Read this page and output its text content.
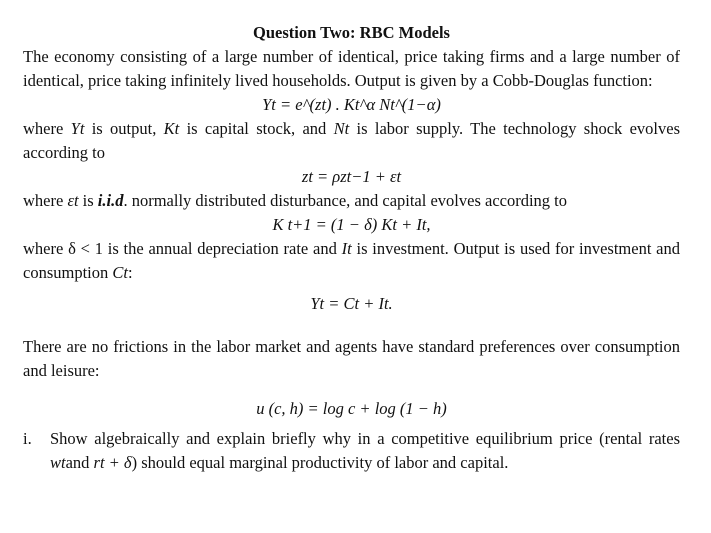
Question Two: RBC Models
The economy consisting of a large number of identical, price taking firms and a large number of identical, price taking infinitely lived households. Output is given by a Cobb-Douglas function:
Yt = e^(zt) . Kt^α Nt^(1−α)
where Yt is output, Kt is capital stock, and Nt is labor supply. The technology shock evolves according to
zt = ρzt−1 + εt
where εt is i.i.d. normally distributed disturbance, and capital evolves according to
K t+1 = (1 − δ) Kt + It,
where δ < 1 is the annual depreciation rate and It is investment. Output is used for investment and consumption Ct:
Yt = Ct + It.
There are no frictions in the labor market and agents have standard preferences over consumption and leisure:
u (c, h) = log c + log (1 − h)
i.	Show algebraically and explain briefly why in a competitive equilibrium price (rental rates wtand rt + δ) should equal marginal productivity of labor and capital.
